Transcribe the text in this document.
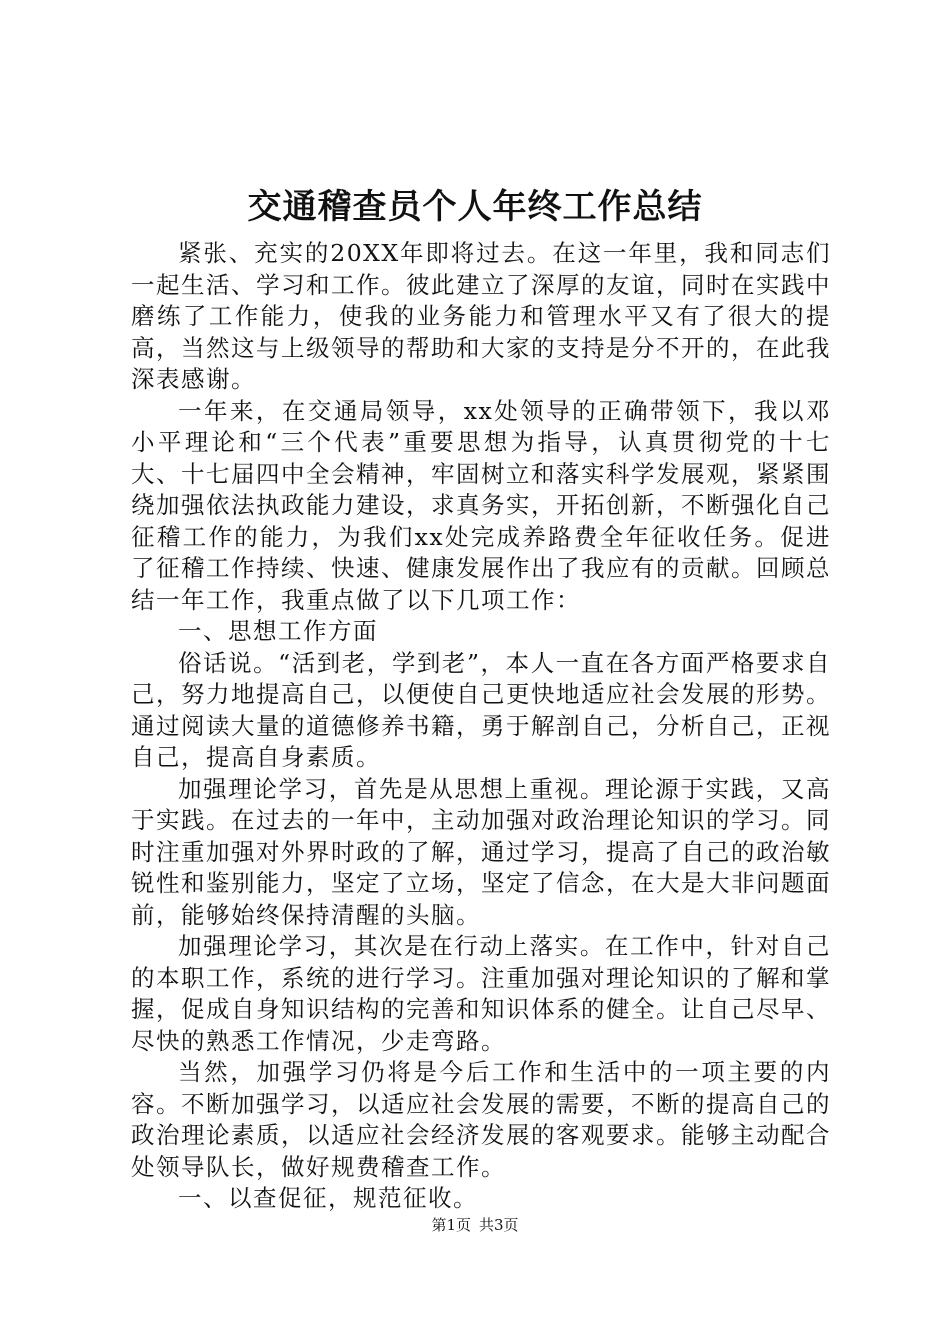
交通稽查员个人年终工作总结

紧张、充实的20XX年即将过去。在这一年里，我和同志们一起生活、学习和工作。彼此建立了深厚的友谊，同时在实践中磨练了工作能力，使我的业务能力和管理水平又有了很大的提高，当然这与上级领导的帮助和大家的支持是分不开的，在此我深表感谢。

一年来，在交通局领导，xx处领导的正确带领下，我以邓小平理论和“三个代表”重要思想为指导，认真贯彻党的十七大、十七届四中全会精神，牢固树立和落实科学发展观，紧紧围绕加强依法执政能力建设，求真务实，开拓创新，不断强化自己征稽工作的能力，为我们xx处完成养路费全年征收任务。促进了征稽工作持续、快速、健康发展作出了我应有的贡献。回顾总结一年工作，我重点做了以下几项工作：

一、思想工作方面

俗话说。“活到老，学到老”，本人一直在各方面严格要求自己，努力地提高自己，以便使自己更快地适应社会发展的形势。通过阅读大量的道德修养书籍，勇于解剖自己，分析自己，正视自己，提高自身素质。

加强理论学习，首先是从思想上重视。理论源于实践，又高于实践。在过去的一年中，主动加强对政治理论知识的学习。同时注重加强对外界时政的了解，通过学习，提高了自己的政治敏锐性和鉴别能力，坚定了立场，坚定了信念，在大是大非问题面前，能够始终保持清醒的头脑。

加强理论学习，其次是在行动上落实。在工作中，针对自己的本职工作，系统的进行学习。注重加强对理论知识的了解和掌握，促成自身知识结构的完善和知识体系的健全。让自己尽早、尽快的熟悉工作情况，少走弯路。

当然，加强学习仍将是今后工作和生活中的一项主要的内容。不断加强学习，以适应社会发展的需要，不断的提高自己的政治理论素质，以适应社会经济发展的客观要求。能够主动配合处领导队长，做好规费稽查工作。

一、以查促征，规范征收。

第1页 共3页
